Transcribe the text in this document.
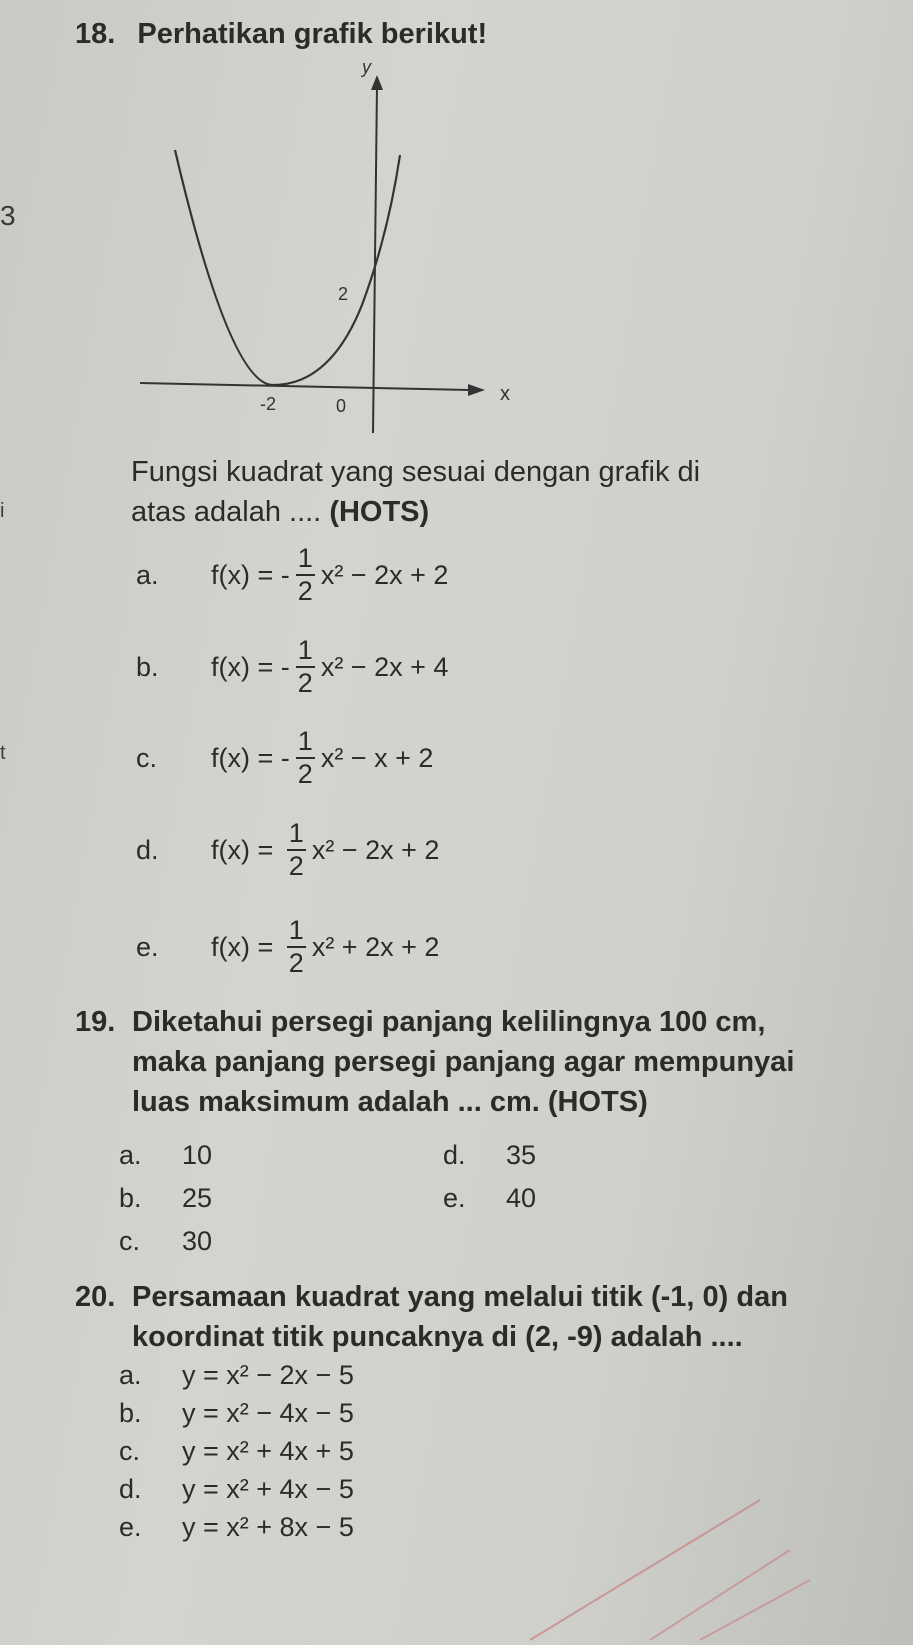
3
i
t
18. Perhatikan grafik berikut!
y
x
2
-2	0
Fungsi kuadrat yang sesuai dengan grafik di
atas adalah .... (HOTS)
a.	f(x) =
- $\frac{1}{2} x^2 - 2x + 2$
b.	f(x) =
- $\frac{1}{2} x^2 - 2x + 4$
c.	f(x) =
- $\frac{1}{2} x^2 - x + 2$
d.	f(x) =
$\frac{1}{2} x^2 - 2x + 2$
e.	f(x) =
$\frac{1}{2} x^2 + 2x + 2$
19. Diketahui persegi panjang kelilingnya 100 cm,
maka panjang persegi panjang agar mempunyai
luas maksimum adalah ... cm. (HOTS)
a. 10
b. 25
c. 30
d. 35
e. 40
20. Persamaan kuadrat yang melalui titik (-1, 0) dan
koordinat titik puncaknya di (2, -9) adalah ....
a. y = x² − 2x − 5
b. y = x² − 4x − 5
c. y = x² + 4x + 5
d. y = x² + 4x − 5
e. y = x² + 8x − 5
